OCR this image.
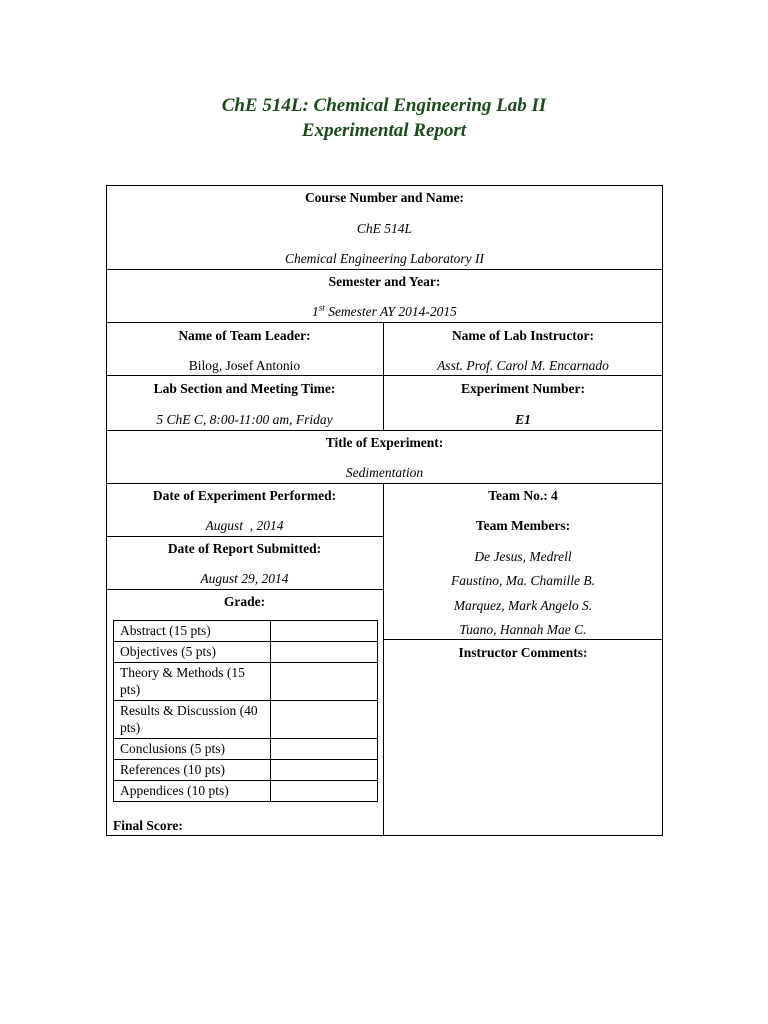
ChE 514L: Chemical Engineering Lab II
Experimental Report
Course Number and Name:
ChE 514L
Chemical Engineering Laboratory II
Semester and Year:
1st Semester AY 2014-2015
Name of Team Leader:
Bilog, Josef Antonio
Name of Lab Instructor:
Asst. Prof. Carol M. Encarnado
Lab Section and Meeting Time:
5 ChE C, 8:00-11:00 am, Friday
Experiment Number:
E1
Title of Experiment:
Sedimentation
Date of Experiment Performed:
August  , 2014
Date of Report Submitted:
August 29, 2014
Team No.: 4
Team Members:
De Jesus, Medrell
Faustino, Ma. Chamille B.
Marquez, Mark Angelo S.
Tuano, Hannah Mae C.
Grade:
Abstract (15 pts)	
Objectives (5 pts)	
Theory & Methods (15 pts)	
Results & Discussion (40 pts)	
Conclusions (5 pts)	
References (10 pts)	
Appendices (10 pts)	
Final Score:
Instructor Comments:
